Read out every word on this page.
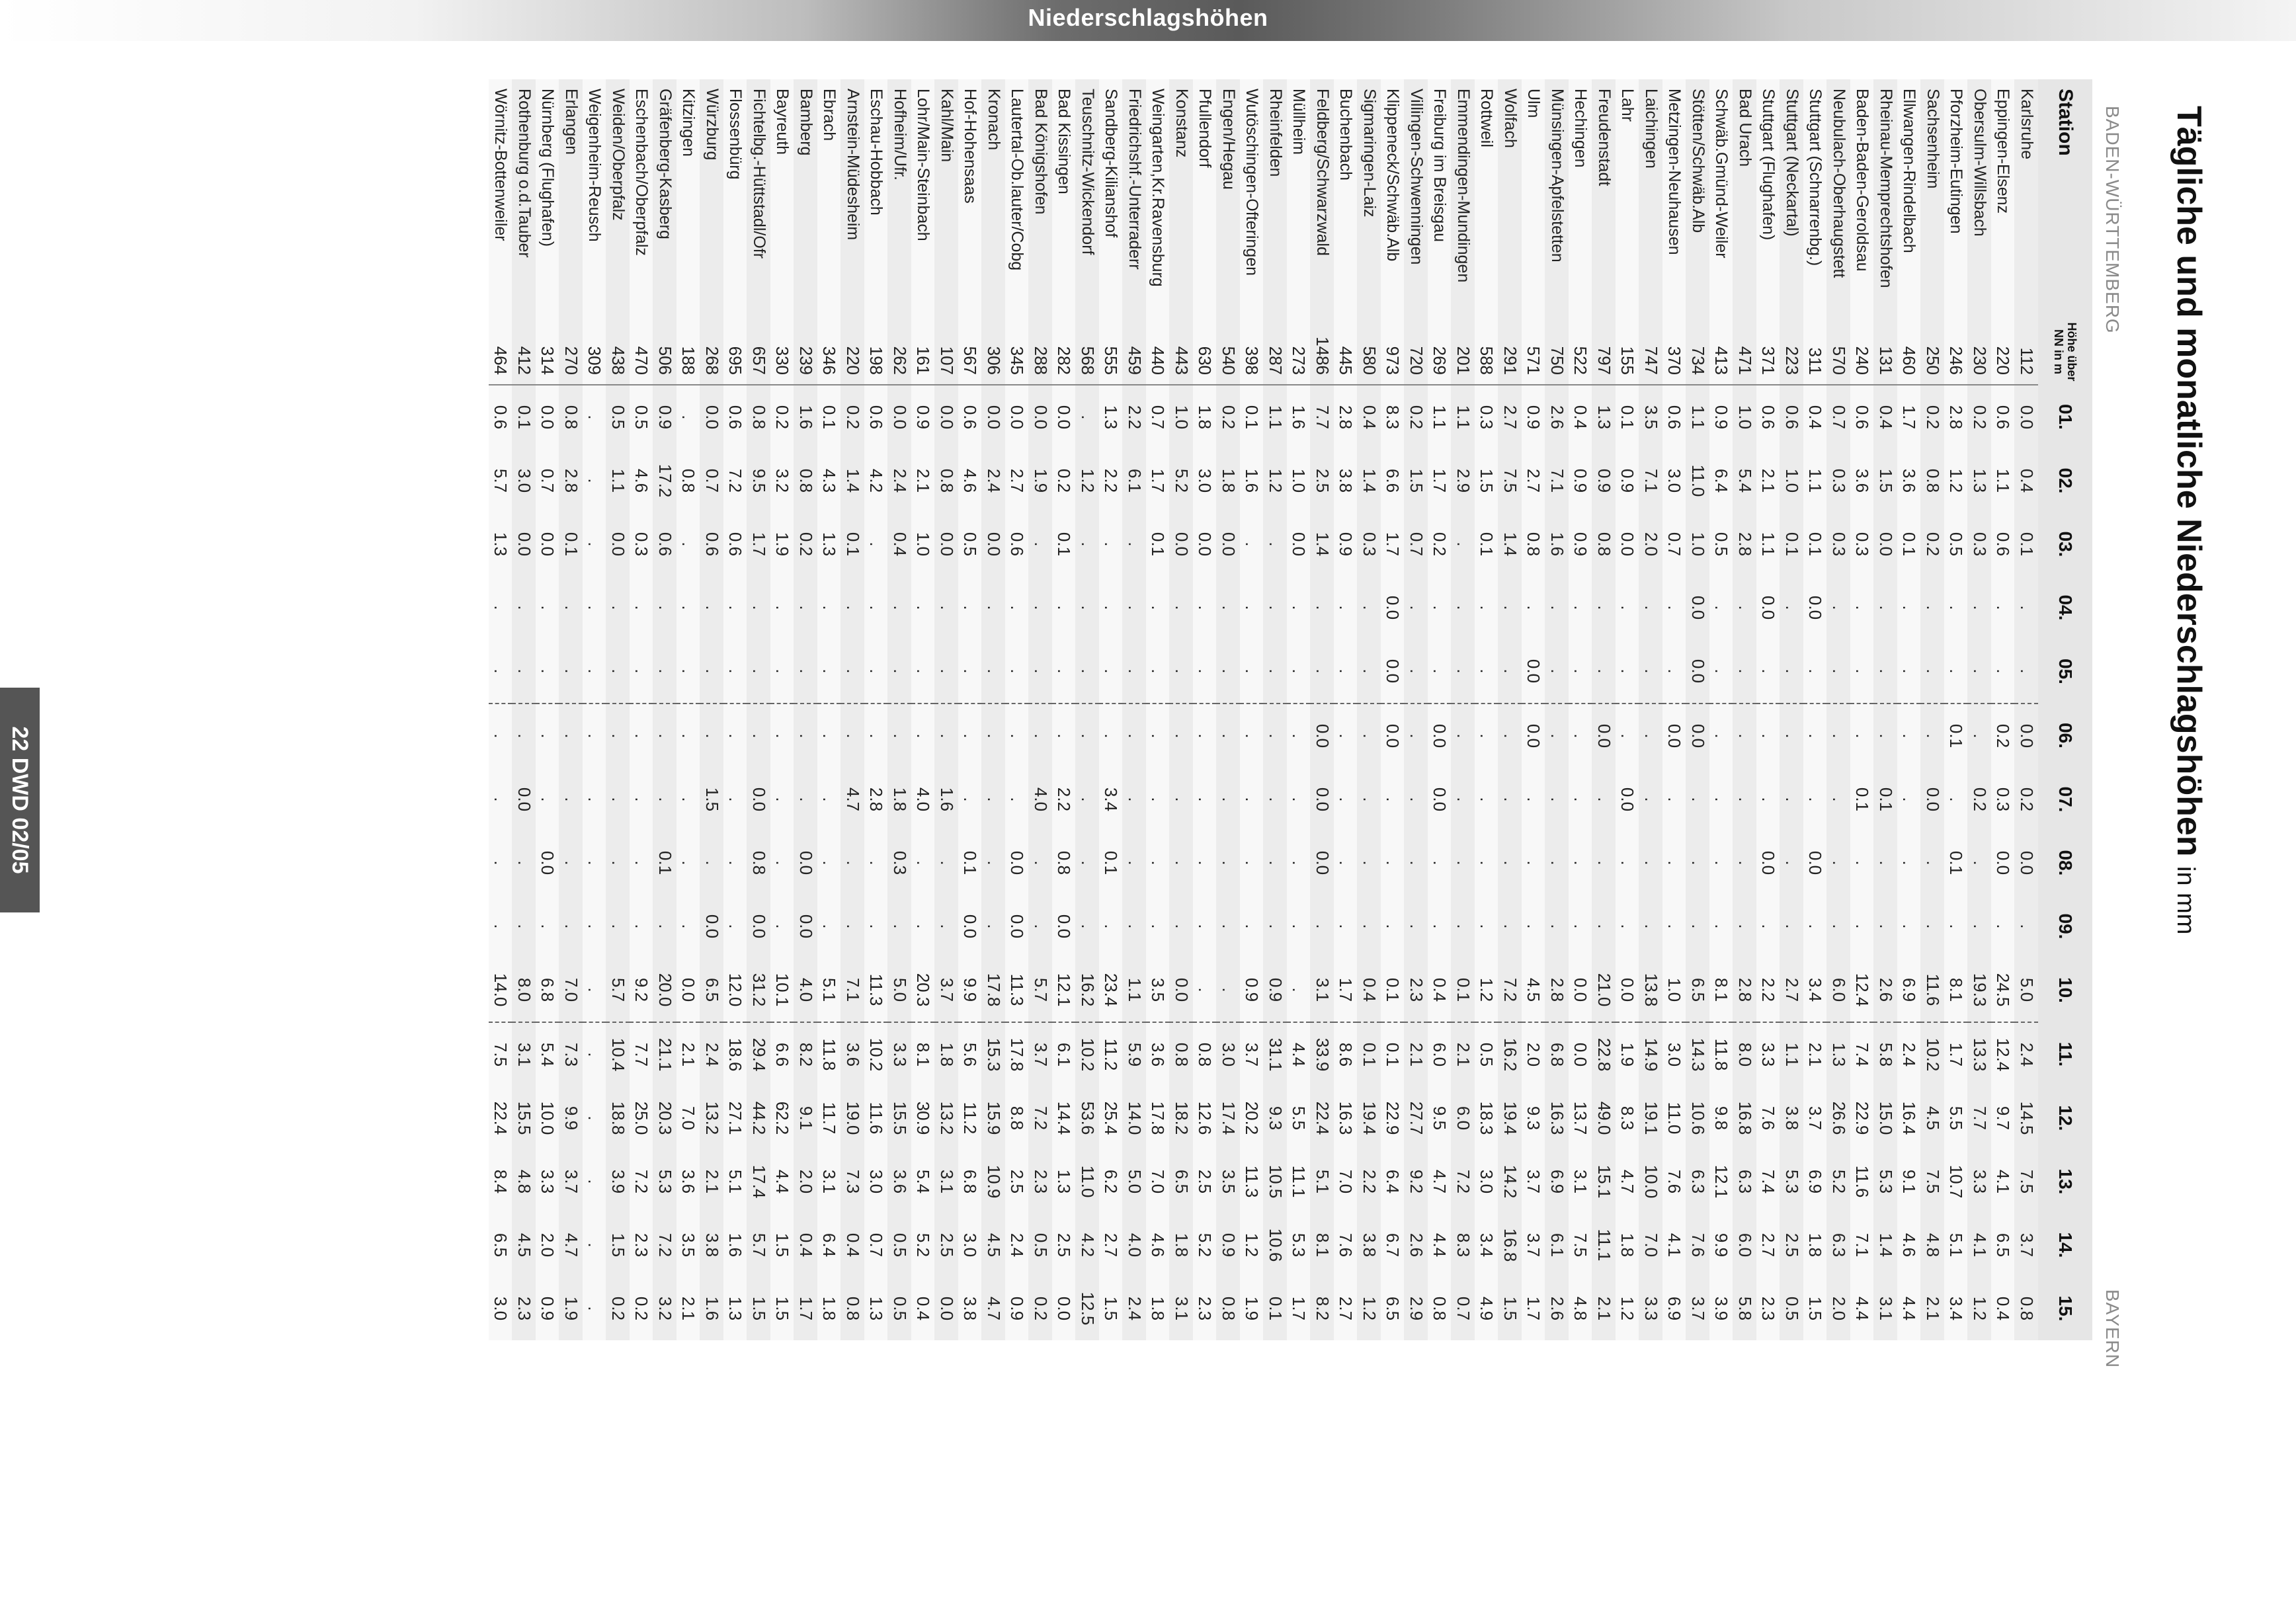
Niederschlagshöhen
Tägliche und monatliche Niederschlagshöhen in mm
BADEN-WÜRTTEMBERG
BAYERN
Station	Höhe über NN in m	01.	02.	03.	04.	05.	06.	07.	08.	09.	10.	11.	12.	13.	14.	15.
Karlsruhe	112	0.0	0.4	0.1	.	.	0.0	0.2	0.0	.	5.0	2.4	14.5	7.5	3.7	0.8
Eppingen-Elsenz	220	0.6	1.1	0.6	.	.	0.2	0.3	0.0	.	24.5	12.4	9.7	4.1	6.5	0.4
Obersulm-Willsbach	230	0.2	1.3	0.3	.	.	.	0.2	.	.	19.3	13.3	7.7	3.3	4.1	1.2
Pforzheim-Eutingen	246	2.8	1.2	0.5	.	.	0.1	.	0.1	.	8.1	1.7	5.5	10.7	5.1	3.4
Sachsenheim	250	0.2	0.8	0.2	.	.	.	0.0	.	.	11.6	10.2	4.5	7.5	4.8	2.1
Ellwangen-Rindelbach	460	1.7	3.6	0.1	.	.	.	.	.	.	6.9	2.4	16.4	9.1	4.6	4.4
Rheinau-Memprechtshofen	131	0.4	1.5	0.0	.	.	.	0.1	.	.	2.6	5.8	15.0	5.3	1.4	3.1
Baden-Baden-Geroldsau	240	0.6	3.6	0.3	.	.	.	0.1	.	.	12.4	7.4	22.9	11.6	7.1	4.4
Neubulach-Oberhaugstett	570	0.7	0.3	0.3	.	.	.	.	.	.	6.0	1.3	26.6	5.2	6.3	2.0
Stuttgart (Schnarrenbg.)	311	0.4	1.1	0.1	0.0	.	.	.	0.0	.	3.4	2.1	3.7	6.9	1.8	1.5
Stuttgart (Neckartal)	223	0.6	1.0	0.1	.	.	.	.	.	.	2.7	1.1	3.8	5.3	2.5	0.5
Stuttgart (Flughafen)	371	0.6	2.1	1.1	0.0	.	.	.	0.0	.	2.2	3.3	7.6	7.4	2.7	2.3
Bad Urach	471	1.0	5.4	2.8	.	.	.	.	.	.	2.8	8.0	16.8	6.3	6.0	5.8
Schwäb.Gmünd-Weiler	413	0.9	6.4	0.5	.	.	.	.	.	.	8.1	11.8	9.8	12.1	9.9	3.9
Stötten/Schwäb.Alb	734	1.1	11.0	1.0	0.0	0.0	0.0	.	.	.	6.5	14.3	10.6	6.3	7.6	3.7
Metzingen-Neuhausen	370	0.6	3.0	0.7	.	.	0.0	.	.	.	1.0	3.0	11.0	7.6	4.1	6.9
Laichingen	747	3.5	7.1	2.0	.	.	.	.	.	.	13.8	14.9	19.1	10.0	7.0	3.3
Lahr	155	0.1	0.9	0.0	.	.	.	0.0	.	.	0.0	1.9	8.3	4.7	1.8	1.2
Freudenstadt	797	1.3	0.9	0.8	.	.	0.0	.	.	.	21.0	22.8	49.0	15.1	11.1	2.1
Hechingen	522	0.4	0.9	0.9	.	.	.	.	.	.	0.0	0.0	13.7	3.1	7.5	4.8
Münsingen-Apfelstetten	750	2.6	7.1	1.6	.	.	.	.	.	.	2.8	6.8	16.3	6.9	6.1	2.6
Ulm	571	0.9	2.7	0.8	.	0.0	0.0	.	.	.	4.5	2.0	9.3	3.7	3.7	1.7
Wolfach	291	2.7	7.5	1.4	.	.	.	.	.	.	7.2	16.2	19.4	14.2	16.8	1.5
Rottweil	588	0.3	1.5	0.1	.	.	.	.	.	.	1.2	0.5	18.3	3.0	3.4	4.9
Emmendingen-Mundingen	201	1.1	2.9	.	.	.	.	.	.	.	0.1	2.1	6.0	7.2	8.3	0.7
Freiburg im Breisgau	269	1.1	1.7	0.2	.	.	0.0	0.0	.	.	0.4	6.0	9.5	4.7	4.4	0.8
Villingen-Schwenningen	720	0.2	1.5	0.7	.	.	.	.	.	.	2.3	2.1	27.7	9.2	2.6	2.9
Klippeneck/Schwäb.Alb	973	8.3	6.6	1.7	0.0	0.0	0.0	.	.	.	0.1	0.1	22.9	6.4	6.7	6.5
Sigmaringen-Laiz	580	0.4	1.4	0.3	.	.	.	.	.	.	0.4	0.1	19.4	2.2	3.8	1.2
Buchenbach	445	2.8	3.8	0.9	.	.	.	.	.	.	1.7	8.6	16.3	7.0	7.6	2.7
Feldberg/Schwarzwald	1486	7.7	2.5	1.4	.	.	0.0	0.0	0.0	.	3.1	33.9	22.4	5.1	8.1	8.2
Müllheim	273	1.6	1.0	0.0	.	.	.	.	.	.	.	4.4	5.5	11.1	5.3	1.7
Rheinfelden	287	1.1	1.2	.	.	.	.	.	.	.	0.9	31.1	9.3	10.5	10.6	0.1
Wutöschingen-Ofteringen	398	0.1	1.6	.	.	.	.	.	.	.	0.9	3.7	20.2	11.3	1.2	1.9
Engen/Hegau	540	0.2	1.8	0.0	.	.	.	.	.	.	.	3.0	17.4	3.5	0.9	0.8
Pfullendorf	630	1.8	3.0	0.0	.	.	.	.	.	.	.	0.8	12.6	2.5	5.2	2.3
Konstanz	443	1.0	5.2	0.0	.	.	.	.	.	.	0.0	0.8	18.2	6.5	1.8	3.1
Weingarten,Kr.Ravensburg	440	0.7	1.7	0.1	.	.	.	.	.	.	3.5	3.6	17.8	7.0	4.6	1.8
Friedrichshf.-Unterraderr	459	2.2	6.1	.	.	.	.	.	.	.	1.1	5.9	14.0	5.0	4.0	2.4
Sandberg-Kilianshof	555	1.3	2.2	.	.	.	.	3.4	0.1	.	23.4	11.2	25.4	6.2	2.7	1.5
Teuschnitz-Wickendorf	568	.	1.2	.	.	.	.	.	.	.	16.2	10.2	53.6	11.0	4.2	12.5
Bad Kissingen	282	0.0	0.2	0.1	.	.	.	2.2	0.8	0.0	12.1	6.1	14.4	1.3	2.5	0.0
Bad Königshofen	288	0.0	1.9	.	.	.	.	4.0	.	.	5.7	3.7	7.2	2.3	0.5	0.2
Lautertal-Ob.lauter/Cobg	345	0.0	2.7	0.6	.	.	.	.	0.0	0.0	11.3	17.8	8.8	2.5	2.4	0.9
Kronach	306	0.0	2.4	0.0	.	.	.	.	.	.	17.8	15.3	15.9	10.9	4.5	4.7
Hof-Hohensaas	567	0.6	4.6	0.5	.	.	.	.	0.1	0.0	9.9	5.6	11.2	6.8	3.0	3.8
Kahl/Main	107	0.0	0.8	0.0	.	.	.	1.6	.	.	3.7	1.8	13.2	3.1	2.5	0.0
Lohr/Main-Steinbach	161	0.9	2.1	1.0	.	.	.	4.0	.	.	20.3	8.1	30.9	5.4	5.2	0.4
Hofheim/Ufr.	262	0.0	2.4	0.4	.	.	.	1.8	0.3	.	5.0	3.3	15.5	3.6	0.5	0.5
Eschau-Hobbach	198	0.6	4.2	.	.	.	.	2.8	.	.	11.3	10.2	11.6	3.0	0.7	1.3
Arnstein-Müdesheim	220	0.2	1.4	0.1	.	.	.	4.7	.	.	7.1	3.6	19.0	7.3	0.4	0.8
Ebrach	346	0.1	4.3	1.3	.	.	.	.	.	.	5.1	11.8	11.7	3.1	6.4	1.8
Bamberg	239	1.6	0.8	0.2	.	.	.	.	0.0	0.0	4.0	8.2	9.1	2.0	0.4	1.7
Bayreuth	330	0.2	3.2	1.9	.	.	.	.	.	.	10.1	6.6	62.2	4.4	1.5	1.5
Fichtelbg.-Hüttstadl/Ofr	657	0.8	9.5	1.7	.	.	.	0.0	0.8	0.0	31.2	29.4	44.2	17.4	5.7	1.5
Flossenbürg	695	0.6	7.2	0.6	.	.	.	.	.	.	12.0	18.6	27.1	5.1	1.6	1.3
Würzburg	268	0.0	0.7	0.6	.	.	.	1.5	.	0.0	6.5	2.4	13.2	2.1	3.8	1.6
Kitzingen	188	.	0.8	.	.	.	.	.	.	.	0.0	2.1	7.0	3.6	3.5	2.1
Gräfenberg-Kasberg	506	0.9	17.2	0.6	.	.	.	.	0.1	.	20.0	21.1	20.3	5.3	7.2	3.2
Eschenbach/Oberpfalz	470	0.5	4.6	0.3	.	.	.	.	.	.	9.2	7.7	25.0	7.2	2.3	0.2
Weiden/Oberpfalz	438	0.5	1.1	0.0	.	.	.	.	.	.	5.7	10.4	18.8	3.9	1.5	0.2
Weigenheim-Reusch	309	.	.	.	.	.	.	.	.	.	.	.	.	.	.	.
Erlangen	270	0.8	2.8	0.1	.	.	.	.	.	.	7.0	7.3	9.9	3.7	4.7	1.9
Nürnberg (Flughafen)	314	0.0	0.7	0.0	.	.	.	.	0.0	.	6.8	5.4	10.0	3.3	2.0	0.9
Rothenburg o.d.Tauber	412	0.1	3.0	0.0	.	.	.	0.0	.	.	8.0	3.1	15.5	4.8	4.5	2.3
Wörnitz-Bottenweiler	464	0.6	5.7	1.3	.	.	.	.	.	.	14.0	7.5	22.4	8.4	6.5	3.0
22 DWD 02/05
